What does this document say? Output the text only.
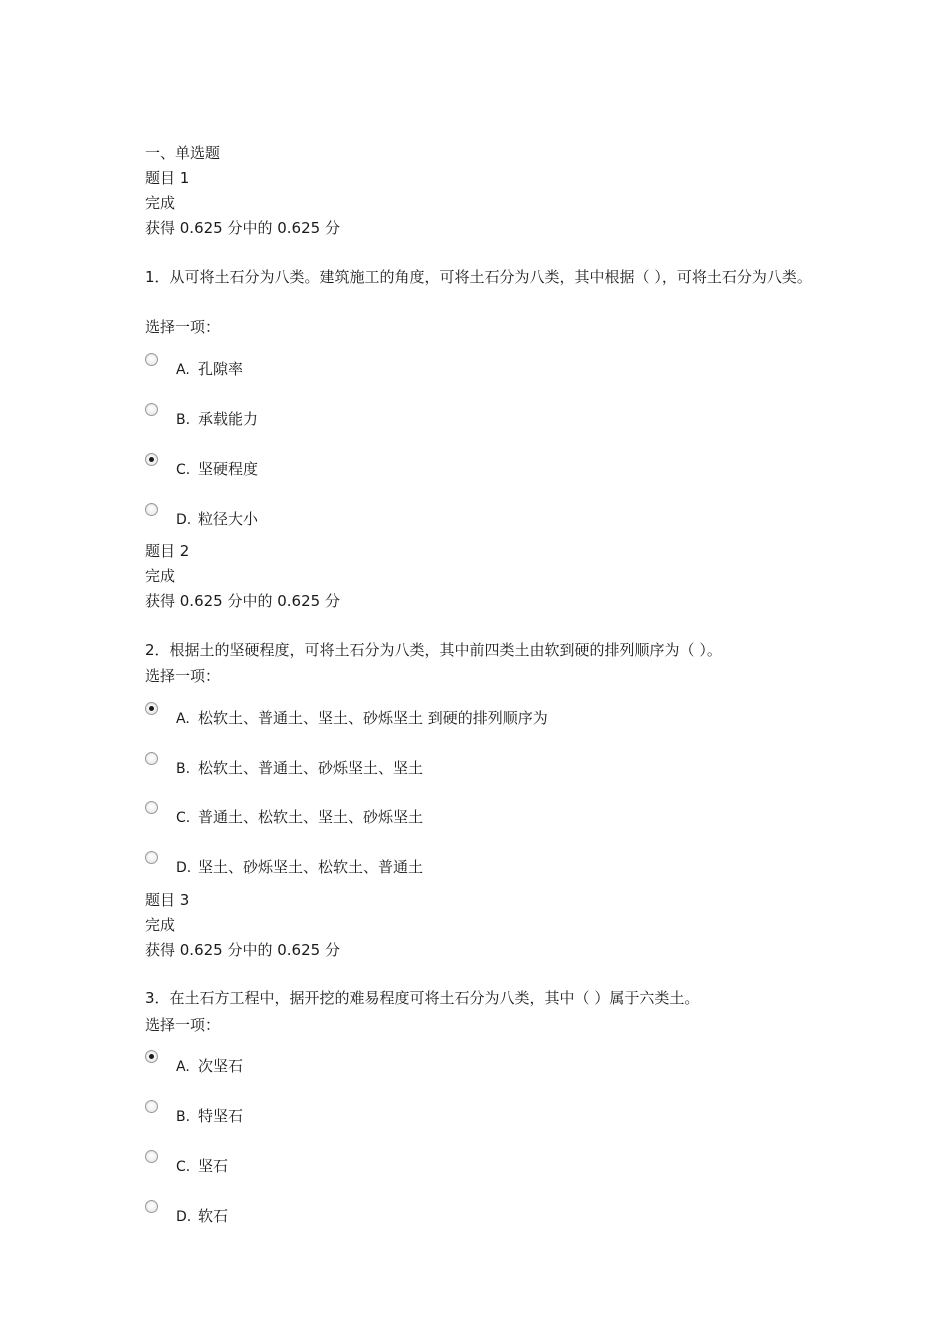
一、单选题
题目 1
完成
获得 0.625 分中的 0.625 分
1．从可将土石分为八类。建筑施工的角度，可将土石分为八类，其中根据（ ），可将土石分为八类。
选择一项：
A. 孔隙率
B. 承载能力
C. 坚硬程度
D. 粒径大小
题目 2
完成
获得 0.625 分中的 0.625 分
2．根据土的坚硬程度，可将土石分为八类，其中前四类土由软到硬的排列顺序为（ ）。
选择一项：
A. 松软土、普通土、坚土、砂烁坚土 到硬的排列顺序为
B. 松软土、普通土、砂烁坚土、坚土
C. 普通土、松软土、坚土、砂烁坚土
D. 坚土、砂烁坚土、松软土、普通土
题目 3
完成
获得 0.625 分中的 0.625 分
3．在土石方工程中，据开挖的难易程度可将土石分为八类，其中（ ）属于六类土。
选择一项：
A. 次坚石
B. 特坚石
C. 坚石
D. 软石
